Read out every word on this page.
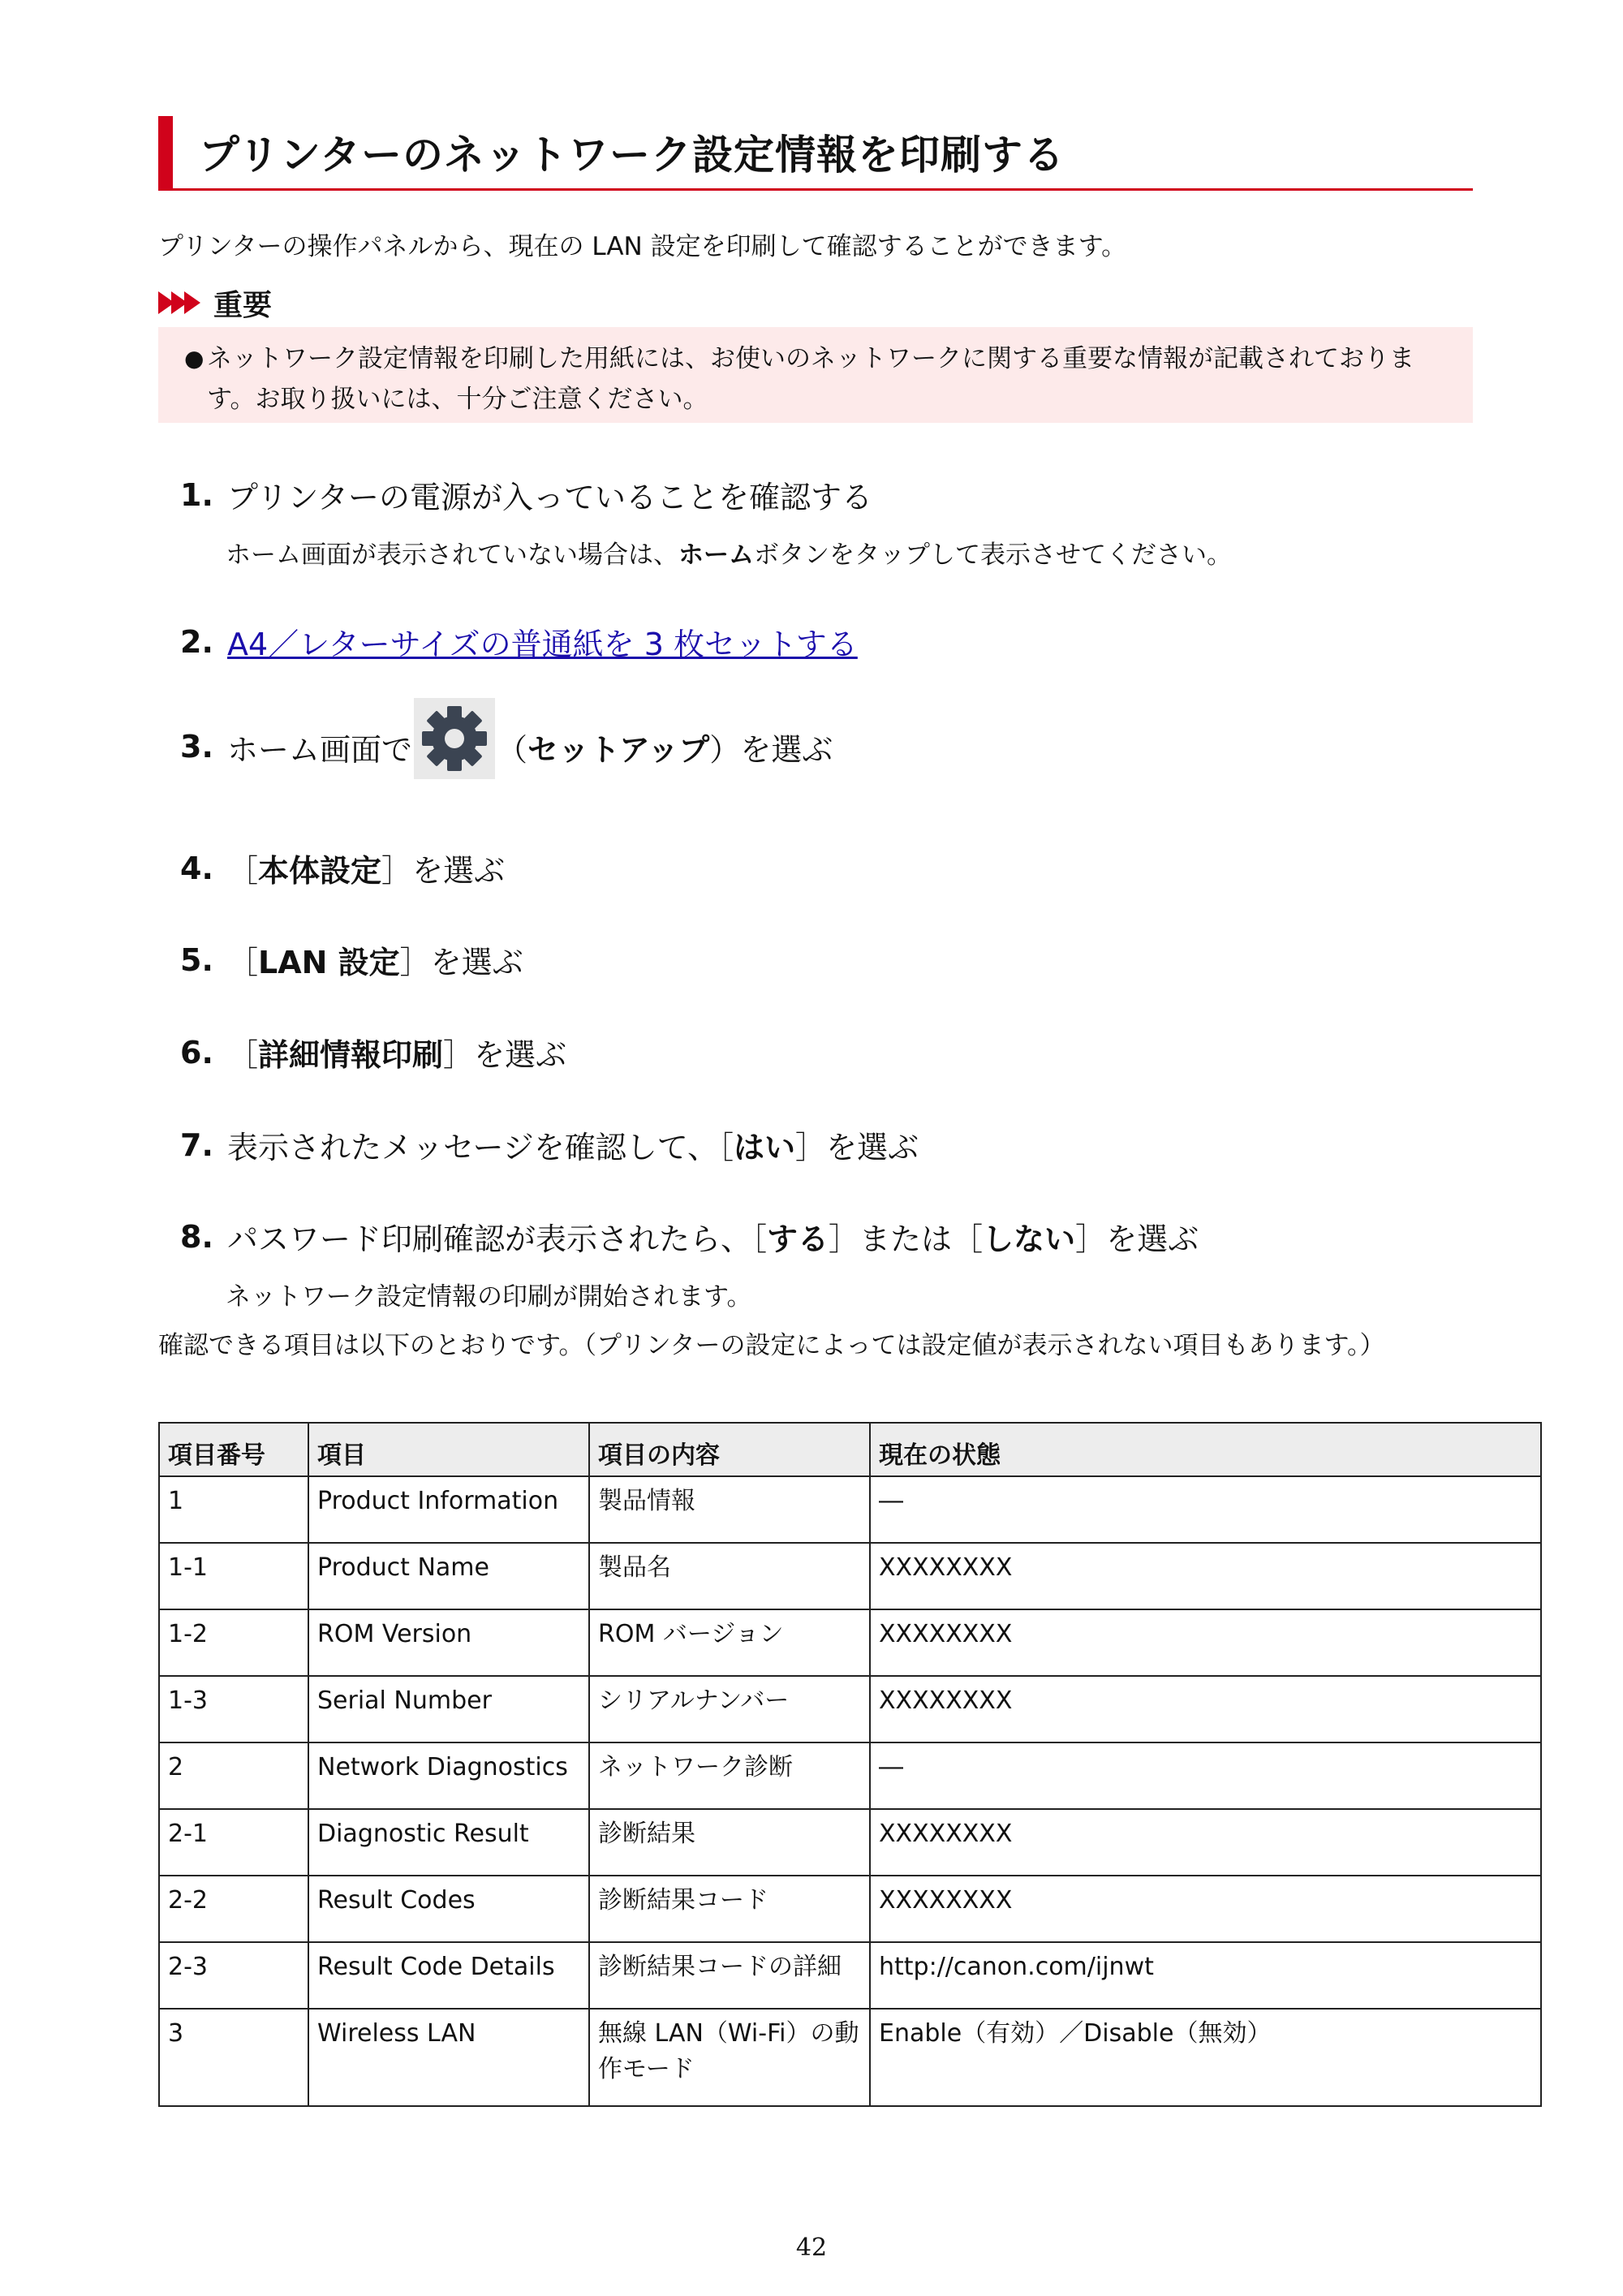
プリンターのネットワーク設定情報を印刷する
プリンターの操作パネルから、現在の LAN 設定を印刷して確認することができます。
重要
● ネットワーク設定情報を印刷した用紙には、お使いのネットワークに関する重要な情報が記載されております。お取り扱いには、十分ご注意ください。
1. プリンターの電源が入っていることを確認する
ホーム画面が表示されていない場合は、ホームボタンをタップして表示させてください。
2. A4／レターサイズの普通紙を 3 枚セットする
3. ホーム画面で	（ セットアップ ）を選ぶ
4. ［ 本体設定 ］を選ぶ
5. ［ LAN 設定 ］を選ぶ
6. ［ 詳細情報印刷 ］を選ぶ
7. 表示されたメッセージを確認して、［ はい ］を選ぶ
8. パスワード印刷確認が表示されたら、［ する ］または［ しない ］を選ぶ
ネットワーク設定情報の印刷が開始されます。
確認できる項目は以下のとおりです。（プリンターの設定によっては設定値が表示されない項目もあります。）
項目番号	項目	項目の内容	現在の状態
1	Product Information	製品情報	―
1-1	Product Name	製品名	XXXXXXXX
1-2	ROM Version	ROM バージョン	XXXXXXXX
1-3	Serial Number	シリアルナンバー	XXXXXXXX
2	Network Diagnostics	ネットワーク診断	―
2-1	Diagnostic Result	診断結果	XXXXXXXX
2-2	Result Codes	診断結果コード	XXXXXXXX
2-3	Result Code Details	診断結果コードの詳細	http://canon.com/ijnwt
3	Wireless LAN	無線 LAN（Wi-Fi）の動作モード	Enable（有効）／Disable（無効）
42
